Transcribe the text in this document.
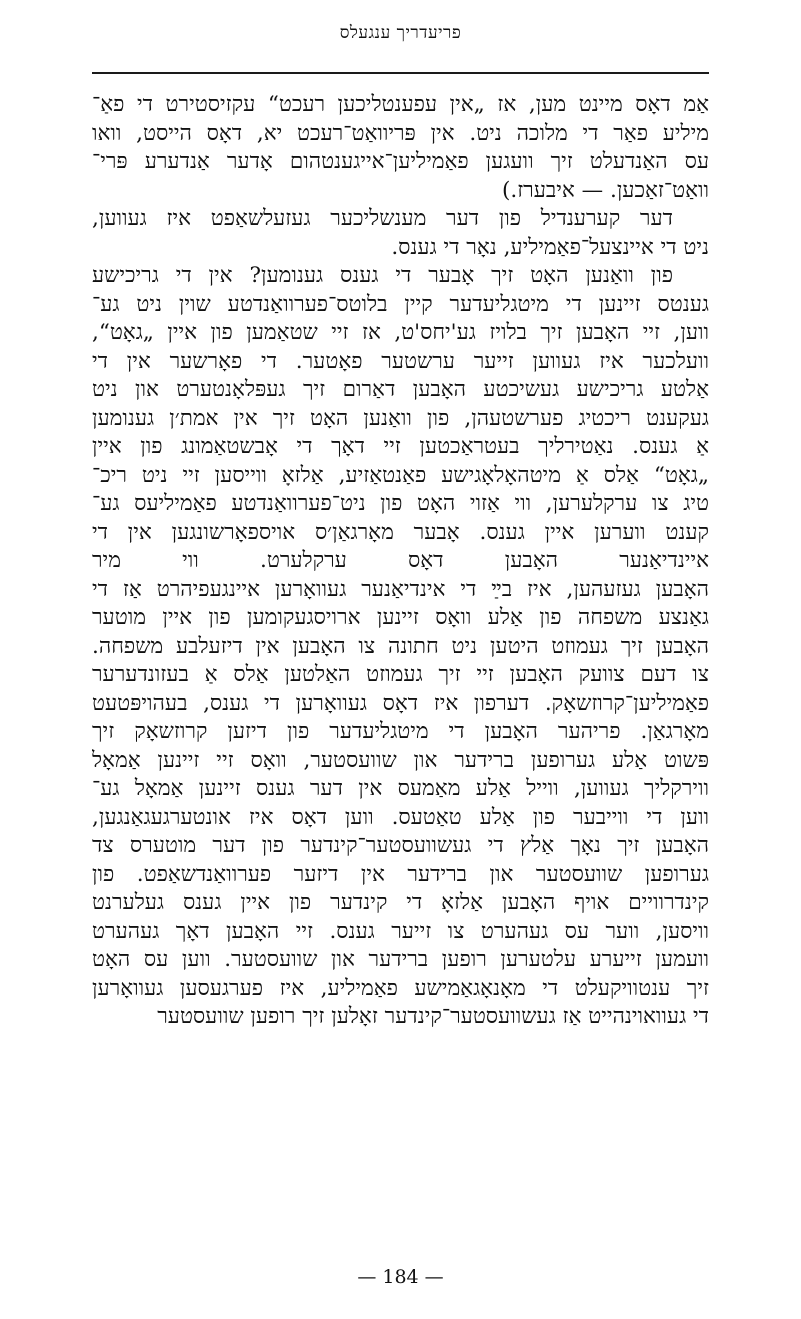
פריעדריך ענגעלס
אַמ דאָס מיינט מען, אז „אין עפענטליכען רעכט“ עקזיסטירט די פאַ־
מיליע פאַר די מלוכה ניט. אין פּריוואַט־רעכט יא, דאָס הייסט, וואו
עס האַנדעלט זיך וועגען פאַמיליען־אייגענטהום אָדער אַנדערע פּרי־
וואַט־זאַכען. — איבערז.)
דער קערענדיל פון דער מענשליכער געזעלשאַפט איז געווען,
ניט די איינצעל־פאַמיליע, נאָר די גענס.
פון וואַנען האָט זיך אָבער די גענס גענומען? אין די גריכישע
גענטס זיינען די מיטגליעדער קיין בלוטס־פערוואַנדטע שוין ניט גע־
ווען, זיי האָבען זיך בלויז גע'יחס'ט, אז זיי שטאַמען פון איין „גאָט“,
וועלכער איז געווען זייער ערשטער פאָטער. די פאָרשער אין די
אַלטע גריכישע געשיכטע האָבען דאַרום זיך געפּלאָנטערט און ניט
געקענט ריכטיג פערשטעהן, פון וואַנען האָט זיך אין אמת׳ן גענומען
אַ גענס. נאַטירליך בעטראַכטען זיי דאָך די אָבשטאַמונג פון איין
„גאָט“ אַלס אַ מיטהאָלאָגישע פאַנטאַזיע, אַלזאָ ווייסען זיי ניט ריכ־
טיג צו ערקלערען, ווי אַזוי האָט פון ניט־פערוואַנדטע פאַמיליעס גע־
קענט ווערען איין גענס. אָבער מאָרגאַן׳ס אויספאָרשונגען אין די
איינדיאַנער האָבען דאָס ערקלערט. ווי מיר
האָבען געזעהען, איז בײַ די אינדיאַנער געוואָרען איינגעפיהרט אַז די
גאַנצע משפחה פון אַלע וואָס זיינען ארויסגעקומען פון איין מוטער
האָבען זיך געמוזט היטען ניט חתונה צו האָבען אין דיזעלבע משפחה.
צו דעם צוועק האָבען זיי זיך געמוזט האַלטען אַלס אַ בעזונדערער
פאַמיליען־קרוזשאָק. דערפון איז דאָס געוואָרען די גענס, בעהויפּטעט
מאָרגאַן. פריהער האָבען די מיטגליעדער פון דיזען קרוזשאָק זיך
פּשוט אַלע גערופען ברידער און שוועסטער, וואָס זיי זיינען אַמאָל
ווירקליך געווען, ווייל אַלע מאַמעס אין דער גענס זיינען אַמאָל גע־
ווען די ווייבער פון אַלע טאַטעס. ווען דאָס איז אונטערגעגאַנגען,
האָבען זיך נאָך אַלץ די געשוועסטער־קינדער פון דער מוטערס צד
גערופען שוועסטער און ברידער אין דיזער פערוואַנדשאַפט. פון
קינדרוויים אויף האָבען אַלזאָ די קינדער פון איין גענס געלערנט
וויסען, ווער עס געהערט צו זייער גענס. זיי האָבען דאָך געהערט
וועמען זייערע עלטערען רופען ברידער און שוועסטער. ווען עס האָט
זיך ענטוויקעלט די מאָנאָגאַמישע פאַמיליע, איז פערגעסען געוואָרען
די געוואוינהייט אַז געשוועסטער־קינדער זאָלען זיך רופען שוועסטער
— 184 —
